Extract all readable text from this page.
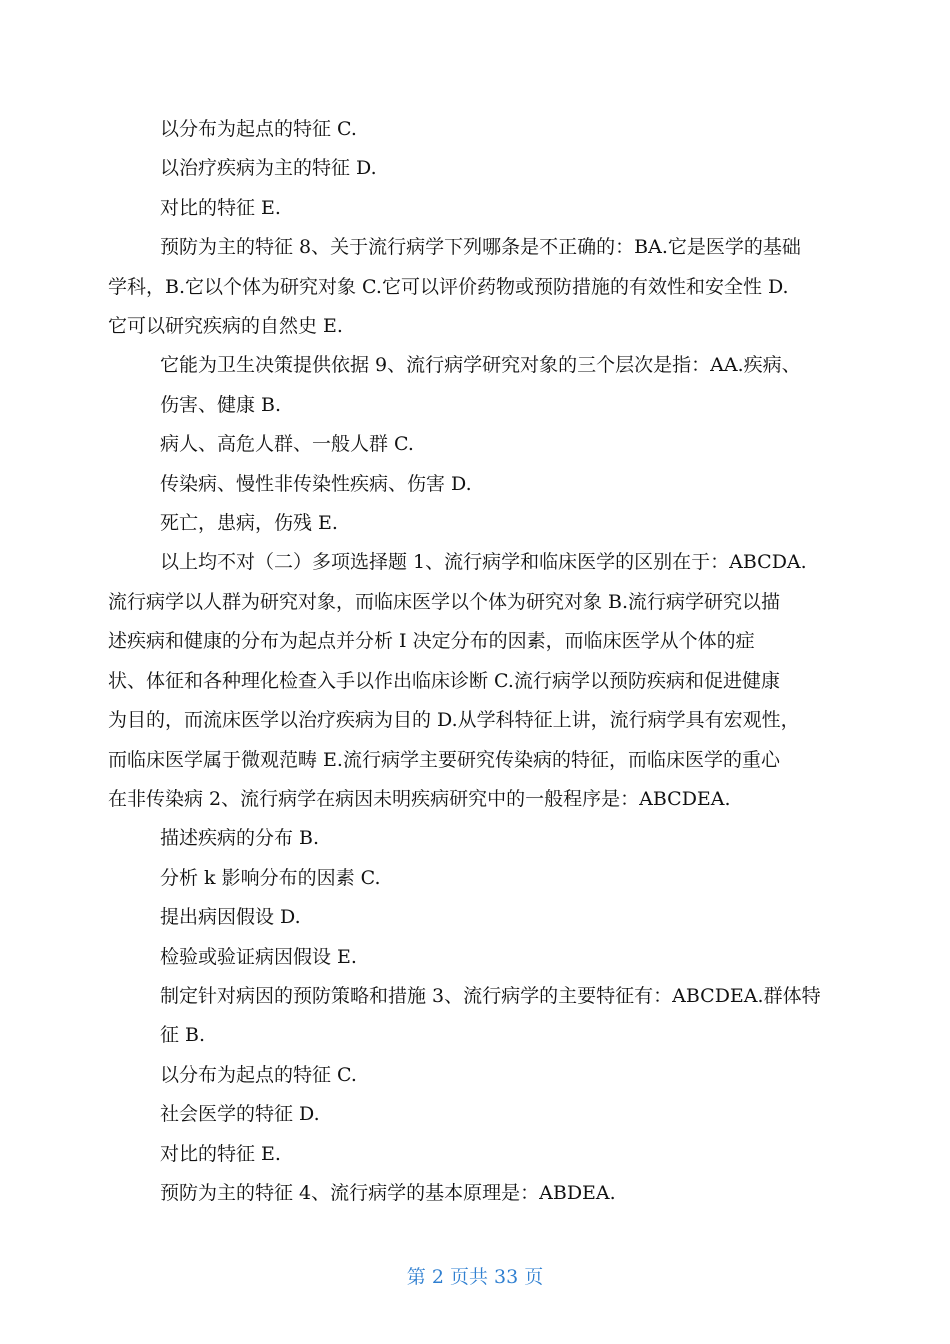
以分布为起点的特征 C.
以治疗疾病为主的特征 D.
对比的特征 E.
预防为主的特征 8、关于流行病学下列哪条是不正确的：BA.它是医学的基础
学科，B.它以个体为研究对象 C.它可以评价药物或预防措施的有效性和安全性 D.
它可以研究疾病的自然史 E.
它能为卫生决策提供依据 9、流行病学研究对象的三个层次是指：AA.疾病、
伤害、健康 B.
病人、高危人群、一般人群 C.
传染病、慢性非传染性疾病、伤害 D.
死亡，患病，伤残 E.
以上均不对（二）多项选择题 1、流行病学和临床医学的区别在于：ABCDA.
流行病学以人群为研究对象，而临床医学以个体为研究对象 B.流行病学研究以描
述疾病和健康的分布为起点并分析 I 决定分布的因素，而临床医学从个体的症
状、体征和各种理化检查入手以作出临床诊断 C.流行病学以预防疾病和促进健康
为目的，而流床医学以治疗疾病为目的 D.从学科特征上讲，流行病学具有宏观性，
而临床医学属于微观范畴 E.流行病学主要研究传染病的特征，而临床医学的重心
在非传染病 2、流行病学在病因未明疾病研究中的一般程序是：ABCDEA.
描述疾病的分布 B.
分析 k 影响分布的因素 C.
提出病因假设 D.
检验或验证病因假设 E.
制定针对病因的预防策略和措施 3、流行病学的主要特征有：ABCDEA.群体特
征 B.
以分布为起点的特征 C.
社会医学的特征 D.
对比的特征 E.
预防为主的特征 4、流行病学的基本原理是：ABDEA.
第 2 页共 33 页
